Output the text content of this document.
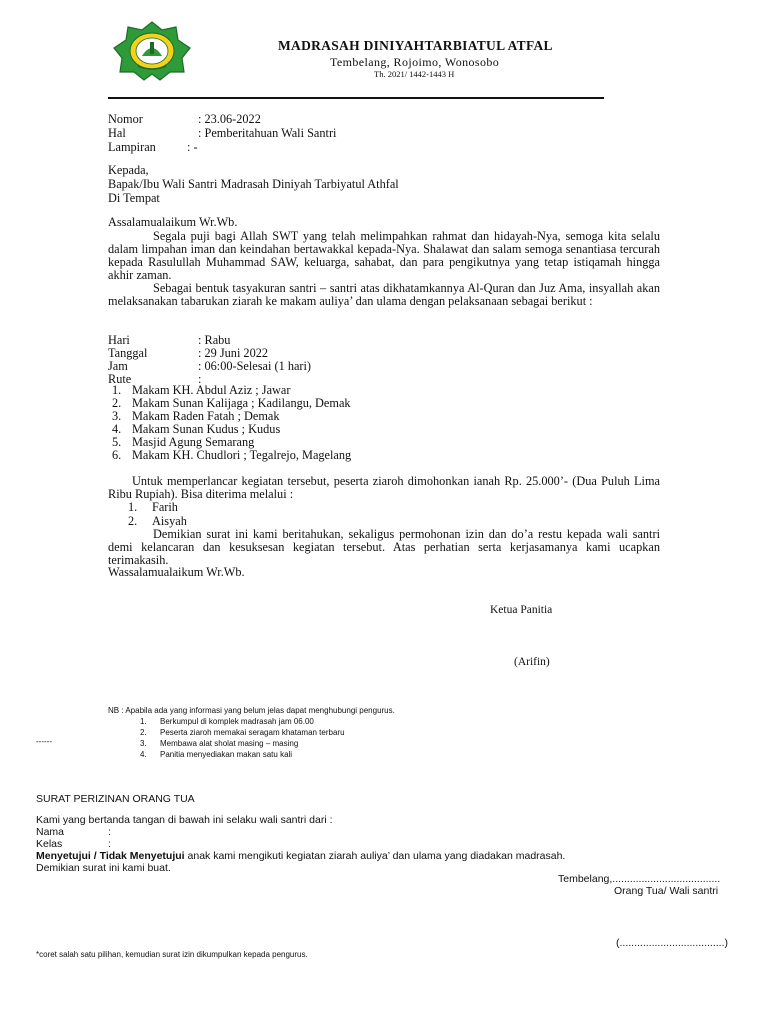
MADRASAH DINIYAHTARBIATUL ATFAL
Tembelang, Rojoimo, Wonosobo
Th. 2021/ 1442-1443 H
Nomor	: 23.06-2022
Hal	: Pemberitahuan Wali Santri
Lampiran	: -
Kepada,
Bapak/Ibu Wali Santri Madrasah Diniyah Tarbiyatul Athfal
Di Tempat
Assalamualaikum Wr.Wb.
Segala puji bagi Allah SWT yang telah melimpahkan rahmat dan hidayah-Nya, semoga kita selalu dalam limpahan iman dan keindahan bertawakkal kepada-Nya. Shalawat dan salam semoga senantiasa tercurah kepada Rasulullah Muhammad SAW, keluarga, sahabat, dan para pengikutnya yang tetap istiqamah hingga akhir zaman.
Sebagai bentuk tasyakuran santri – santri atas dikhatamkannya Al-Quran dan Juz Ama, insyallah akan melaksanakan tabarukan ziarah ke makam auliya’ dan ulama dengan pelaksanaan sebagai berikut :
Hari	: Rabu
Tanggal	: 29 Juni 2022
Jam	: 06:00-Selesai (1 hari)
Rute	:
1. Makam KH. Abdul Aziz ; Jawar
2. Makam Sunan Kalijaga ; Kadilangu, Demak
3. Makam Raden Fatah ; Demak
4. Makam Sunan Kudus ; Kudus
5. Masjid Agung Semarang
6. Makam KH. Chudlori ; Tegalrejo, Magelang
Untuk memperlancar kegiatan tersebut, peserta ziaroh dimohonkan ianah Rp. 25.000’- (Dua Puluh Lima Ribu Rupiah). Bisa diterima melalui :
1. Farih
2. Aisyah
Demikian surat ini kami beritahukan, sekaligus permohonan izin dan do’a restu kepada wali santri demi kelancaran dan kesuksesan kegiatan tersebut. Atas perhatian serta kerjasamanya kami ucapkan terimakasih.
Wassalamualaikum Wr.Wb.
Ketua Panitia
(Arifin)
NB : Apabila ada yang informasi yang belum jelas dapat menghubungi pengurus.
1. Berkumpul di komplek madrasah jam 06.00
2. Peserta ziaroh memakai seragam khataman terbaru
3. Membawa alat sholat masing – masing
4. Panitia menyediakan makan satu kali
------
SURAT PERIZINAN ORANG TUA
Kami yang bertanda tangan di bawah ini selaku wali santri dari :
Nama	:
Kelas	:
Menyetujui / Tidak Menyetujui anak kami mengikuti kegiatan ziarah auliya’ dan ulama yang diadakan madrasah.
Demikian surat ini kami buat.
Tembelang,.....................................
Orang Tua/ Wali santri
(....................................)
*coret salah satu pilihan, kemudian surat izin dikumpulkan kepada pengurus.
